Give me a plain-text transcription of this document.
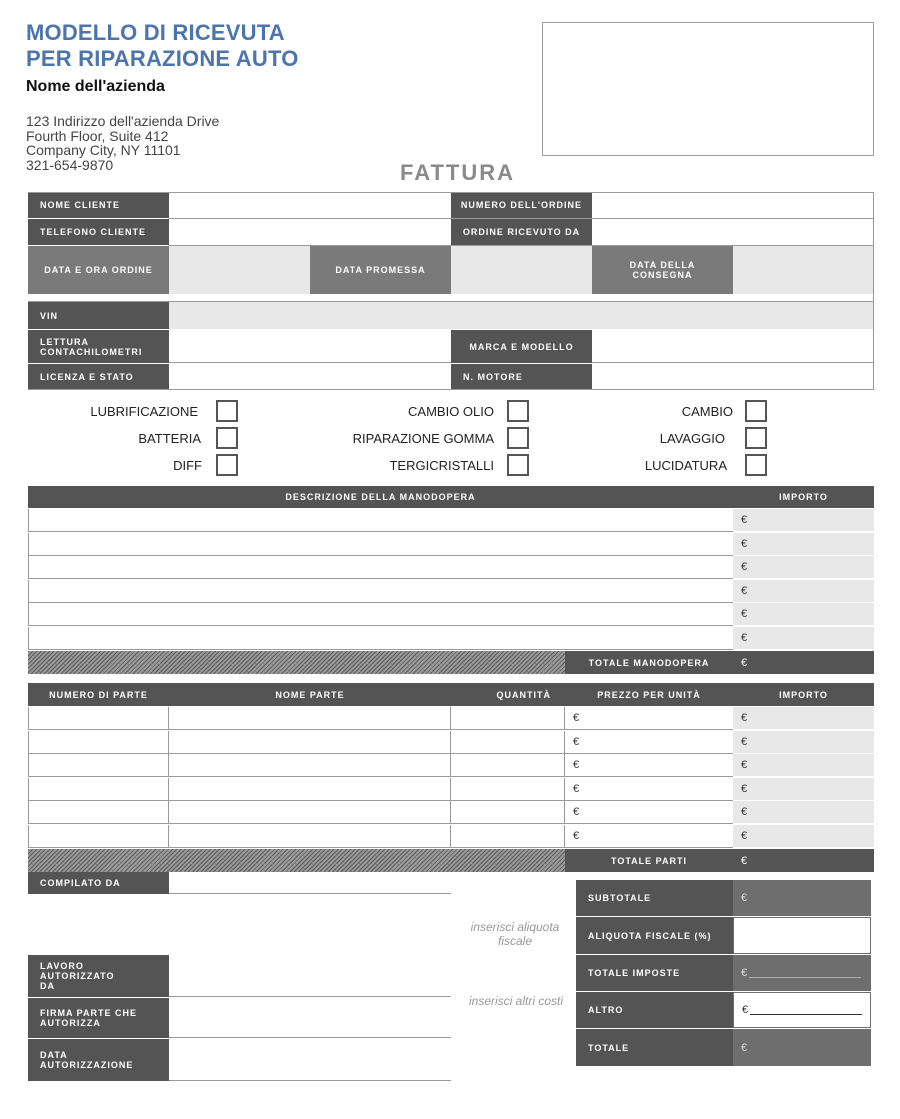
MODELLO DI RICEVUTA
PER RIPARAZIONE AUTO
Nome dell'azienda
123 Indirizzo dell'azienda Drive
Fourth Floor, Suite 412
Company City, NY 11101
321-654-9870	FATTURA
NOME CLIENTE	NUMERO DELL'ORDINE
TELEFONO CLIENTE	ORDINE RICEVUTO DA
DATA E ORA ORDINE	DATA PROMESSA	DATA DELLA CONSEGNA
VIN
LETTURA CONTACHILOMETRI	MARCA E MODELLO
LICENZA E STATO	N. MOTORE
LUBRIFICAZIONE	CAMBIO OLIO	CAMBIO
BATTERIA	RIPARAZIONE GOMMA	LAVAGGIO
DIFF	TERGICRISTALLI	LUCIDATURA
DESCRIZIONE DELLA MANODOPERA	IMPORTO
€
€
€
€
€
€
TOTALE MANODOPERA	€
NUMERO DI PARTE	NOME PARTE	QUANTITÀ	PREZZO PER UNITÀ	IMPORTO
€	€
€	€
€	€
€	€
€	€
€	€
TOTALE PARTI	€
COMPILATO DA
LAVORO AUTORIZZATO DA
FIRMA PARTE CHE AUTORIZZA
DATA AUTORIZZAZIONE
inserisci aliquota fiscale
inserisci altri costi
SUBTOTALE	€
ALIQUOTA FISCALE (%)
TOTALE IMPOSTE	€
ALTRO	€
TOTALE	€
